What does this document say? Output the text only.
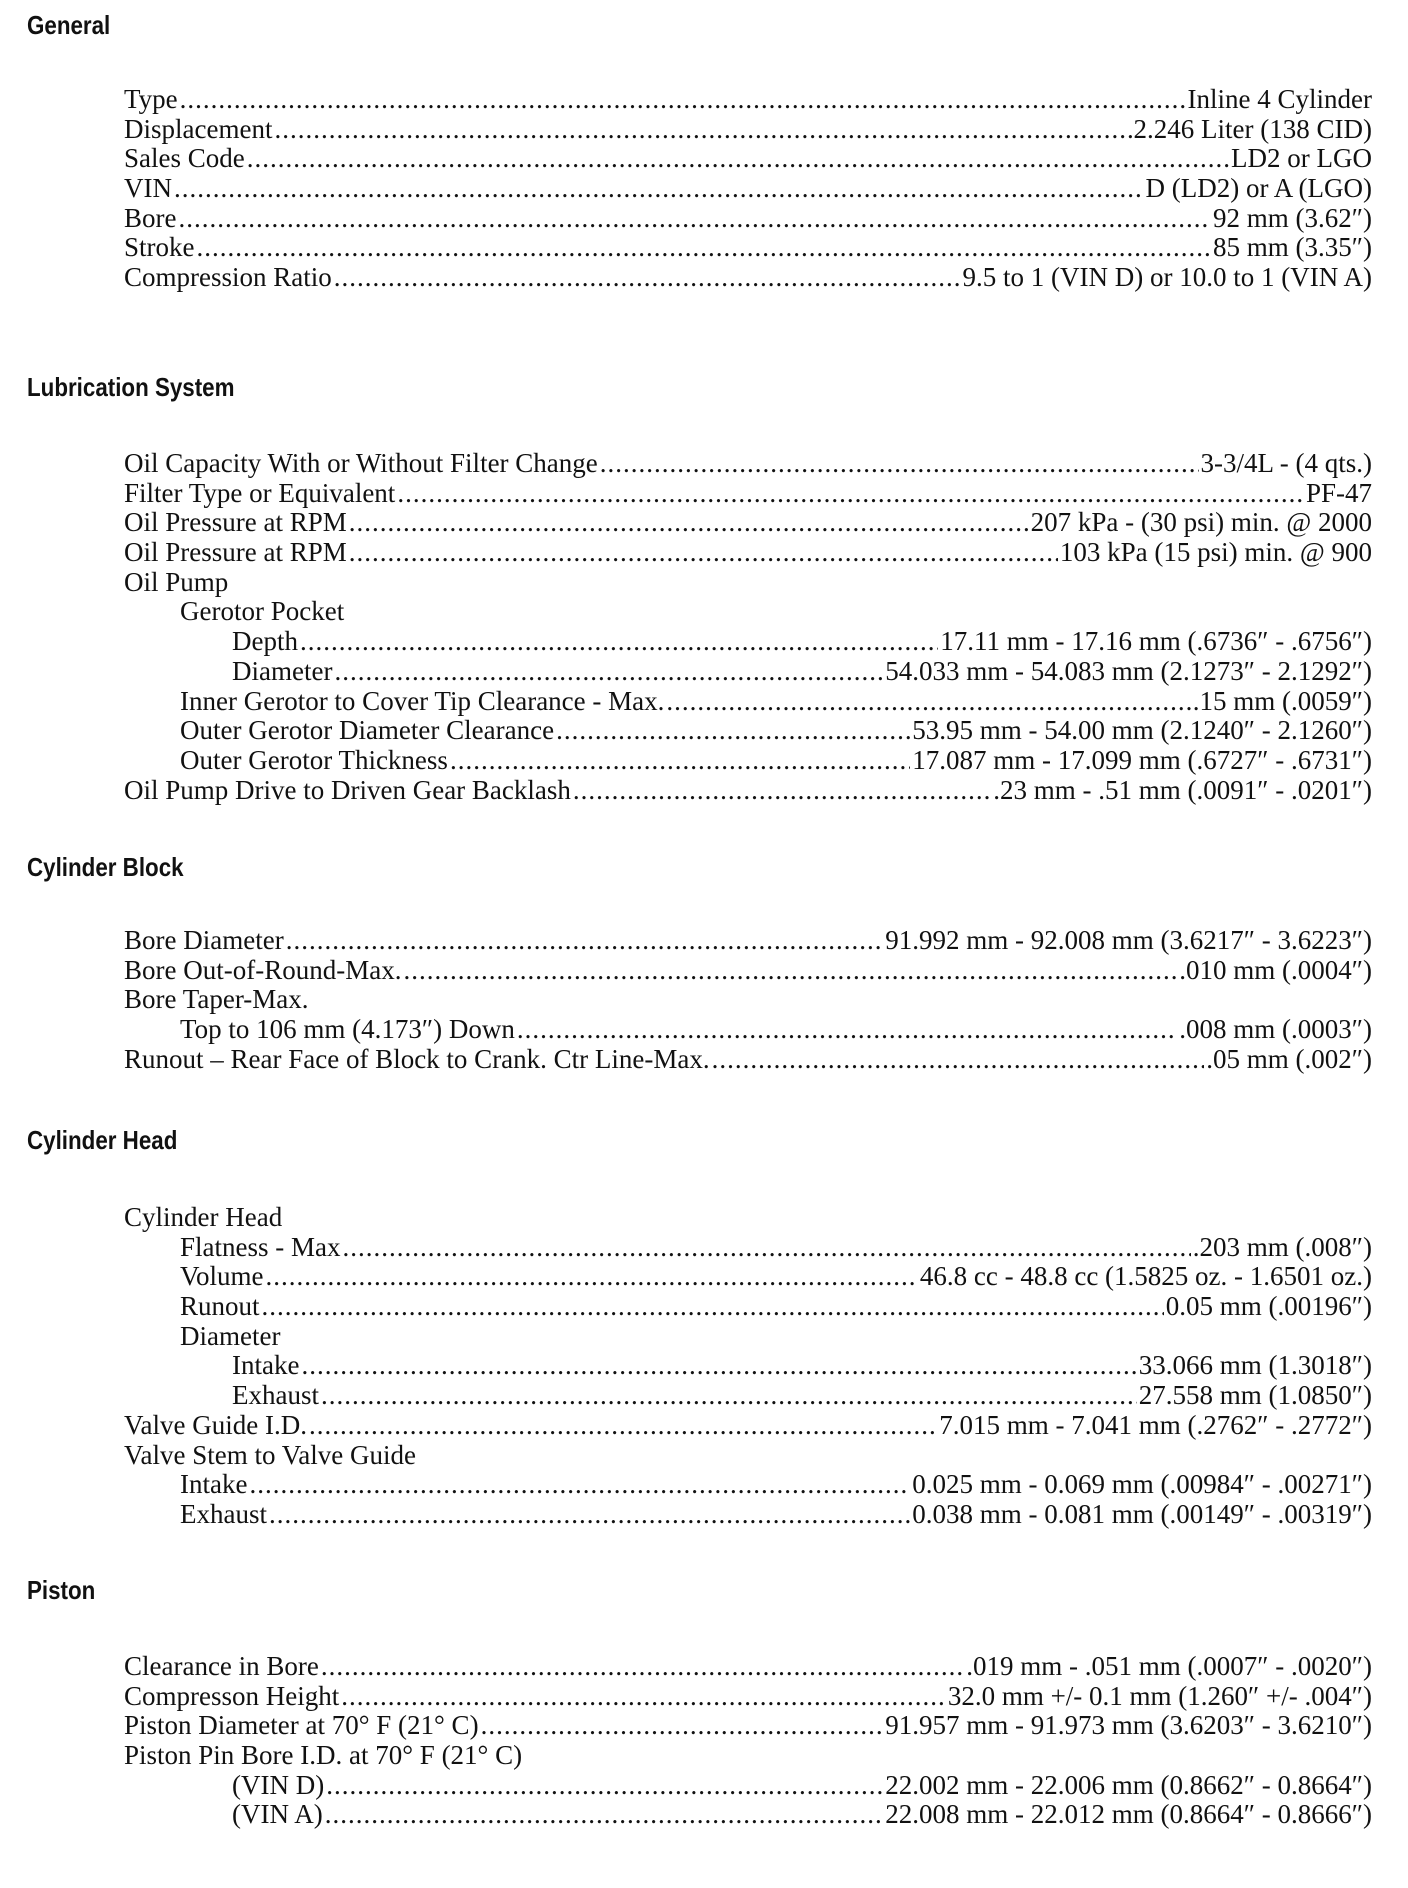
General
Type .....	Inline 4 Cylinder
Displacement .....	2.246 Liter (138 CID)
Sales Code .....	LD2 or LGO
VIN .....	D (LD2) or A (LGO)
Bore .....	92 mm (3.62″)
Stroke .....	85 mm (3.35″)
Compression Ratio .....	9.5 to 1 (VIN D) or 10.0 to 1 (VIN A)
Lubrication System
Oil Capacity With or Without Filter Change .....	3-3/4L - (4 qts.)
Filter Type or Equivalent .....	PF-47
Oil Pressure at RPM .....	207 kPa - (30 psi) min. @ 2000
Oil Pressure at RPM .....	103 kPa (15 psi) min. @ 900
Oil Pump
Gerotor Pocket
Depth .....	17.11 mm - 17.16 mm (.6736″ - .6756″)
Diameter .....	54.033 mm - 54.083 mm (2.1273″ - 2.1292″)
Inner Gerotor to Cover Tip Clearance - Max. .....	.15 mm (.0059″)
Outer Gerotor Diameter Clearance .....	53.95 mm - 54.00 mm (2.1240″ - 2.1260″)
Outer Gerotor Thickness .....	17.087 mm - 17.099 mm (.6727″ - .6731″)
Oil Pump Drive to Driven Gear Backlash .....	.23 mm - .51 mm (.0091″ - .0201″)
Cylinder Block
Bore Diameter .....	91.992 mm - 92.008 mm (3.6217″ - 3.6223″)
Bore Out-of-Round-Max. .....	.010 mm (.0004″)
Bore Taper-Max.
Top to 106 mm (4.173″) Down .....	.008 mm (.0003″)
Runout – Rear Face of Block to Crank. Ctr Line-Max. .....	.05 mm (.002″)
Cylinder Head
Cylinder Head
Flatness - Max .....	.203 mm (.008″)
Volume .....	46.8 cc - 48.8 cc (1.5825 oz. - 1.6501 oz.)
Runout .....	0.05 mm (.00196″)
Diameter
Intake .....	33.066 mm (1.3018″)
Exhaust .....	27.558 mm (1.0850″)
Valve Guide I.D. .....	7.015 mm - 7.041 mm (.2762″ - .2772″)
Valve Stem to Valve Guide
Intake .....	0.025 mm - 0.069 mm (.00984″ - .00271″)
Exhaust .....	0.038 mm - 0.081 mm (.00149″ - .00319″)
Piston
Clearance in Bore .....	.019 mm - .051 mm (.0007″ - .0020″)
Compresson Height .....	32.0 mm +/- 0.1 mm (1.260″ +/- .004″)
Piston Diameter at 70° F (21° C) .....	91.957 mm - 91.973 mm (3.6203″ - 3.6210″)
Piston Pin Bore I.D. at 70° F (21° C)
(VIN D) .....	22.002 mm - 22.006 mm (0.8662″ - 0.8664″)
(VIN A) .....	22.008 mm - 22.012 mm (0.8664″ - 0.8666″)
